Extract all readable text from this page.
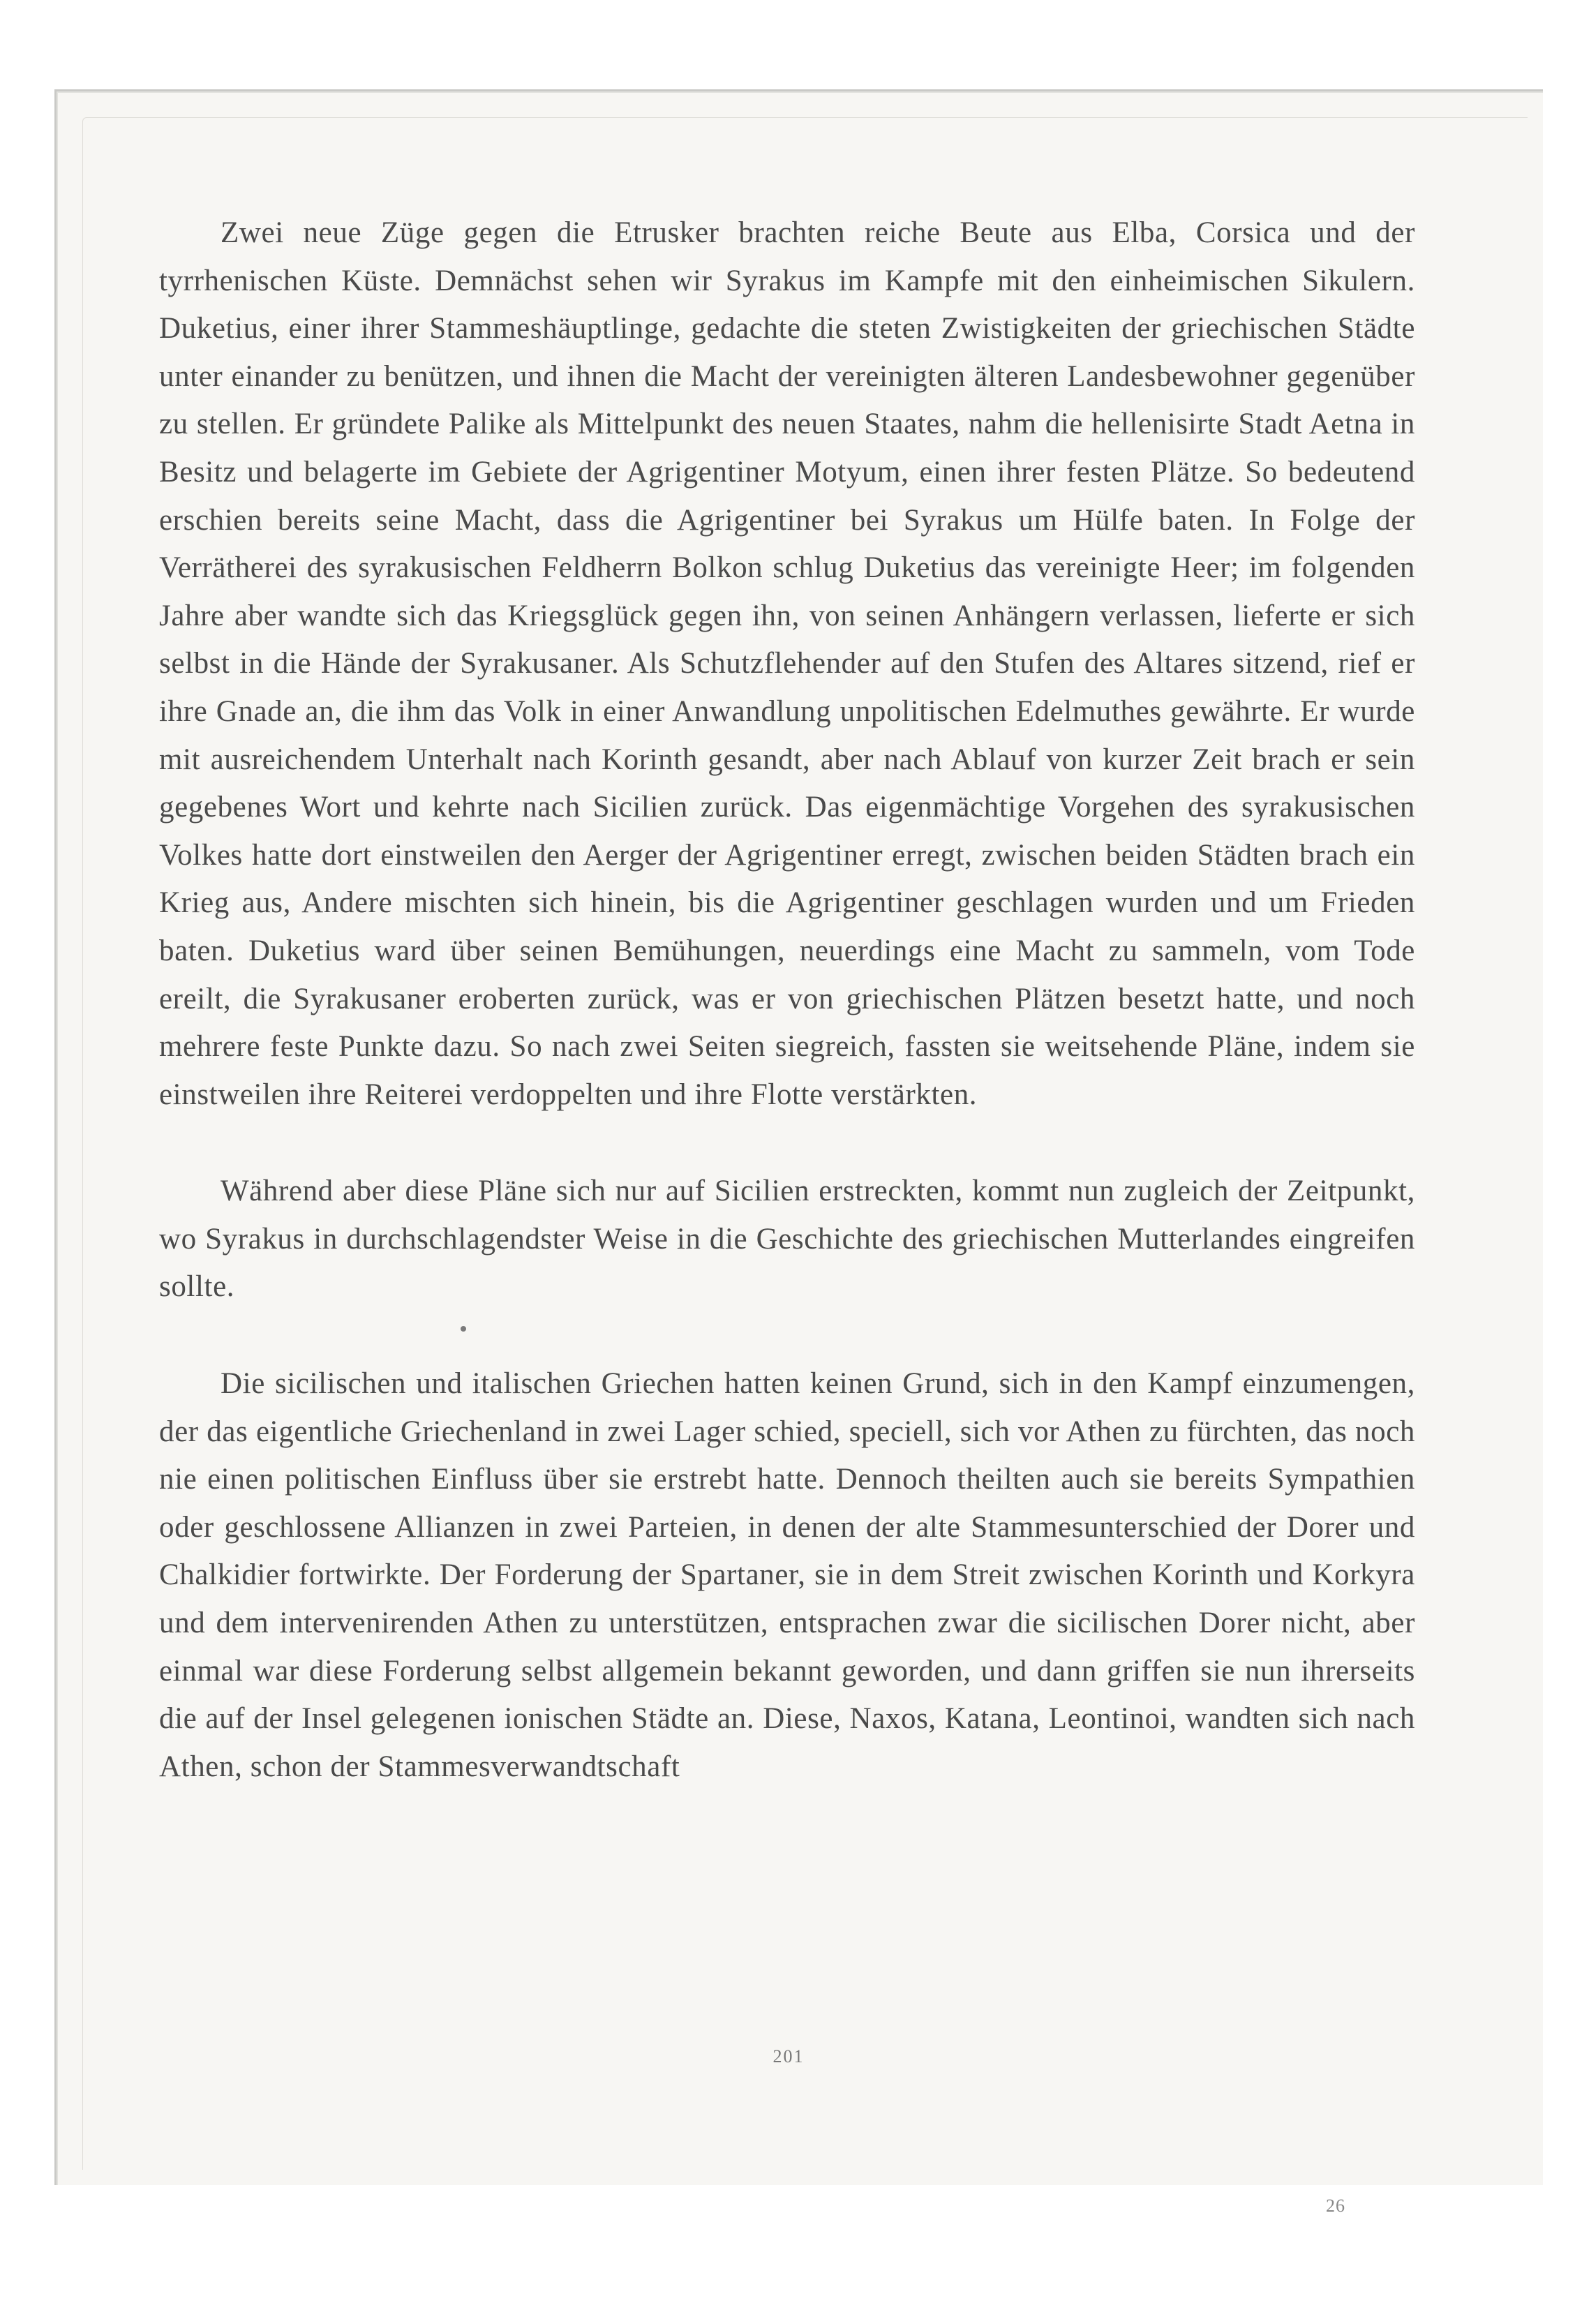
Zwei neue Züge gegen die Etrusker brachten reiche Beute aus Elba, Corsica und der tyrrhenischen Küste. Demnächst sehen wir Syrakus im Kampfe mit den einheimischen Sikulern. Duketius, einer ihrer Stammeshäuptlinge, gedachte die steten Zwistigkeiten der griechischen Städte unter einander zu benützen, und ihnen die Macht der vereinigten älteren Landesbewohner gegenüber zu stellen. Er gründete Palike als Mittelpunkt des neuen Staates, nahm die hellenisirte Stadt Aetna in Besitz und belagerte im Gebiete der Agrigentiner Motyum, einen ihrer festen Plätze. So bedeutend erschien bereits seine Macht, dass die Agrigentiner bei Syrakus um Hülfe baten. In Folge der Verrätherei des syrakusischen Feldherrn Bolkon schlug Duketius das vereinigte Heer; im folgenden Jahre aber wandte sich das Kriegsglück gegen ihn, von seinen Anhängern verlassen, lieferte er sich selbst in die Hände der Syrakusaner. Als Schutzflehender auf den Stufen des Altares sitzend, rief er ihre Gnade an, die ihm das Volk in einer Anwandlung unpolitischen Edelmuthes gewährte. Er wurde mit ausreichendem Unterhalt nach Korinth gesandt, aber nach Ablauf von kurzer Zeit brach er sein gegebenes Wort und kehrte nach Sicilien zurück. Das eigenmächtige Vorgehen des syrakusischen Volkes hatte dort einstweilen den Aerger der Agrigentiner erregt, zwischen beiden Städten brach ein Krieg aus, Andere mischten sich hinein, bis die Agrigentiner geschlagen wurden und um Frieden baten. Duketius ward über seinen Bemühungen, neuerdings eine Macht zu sammeln, vom Tode ereilt, die Syrakusaner eroberten zurück, was er von griechischen Plätzen besetzt hatte, und noch mehrere feste Punkte dazu. So nach zwei Seiten siegreich, fassten sie weitsehende Pläne, indem sie einstweilen ihre Reiterei verdoppelten und ihre Flotte verstärkten.

Während aber diese Pläne sich nur auf Sicilien erstreckten, kommt nun zugleich der Zeitpunkt, wo Syrakus in durchschlagendster Weise in die Geschichte des griechischen Mutterlandes eingreifen sollte.

Die sicilischen und italischen Griechen hatten keinen Grund, sich in den Kampf einzumengen, der das eigentliche Griechenland in zwei Lager schied, speciell, sich vor Athen zu fürchten, das noch nie einen politischen Einfluss über sie erstrebt hatte. Dennoch theilten auch sie bereits Sympathien oder geschlossene Allianzen in zwei Parteien, in denen der alte Stammesunterschied der Dorer und Chalkidier fortwirkte. Der Forderung der Spartaner, sie in dem Streit zwischen Korinth und Korkyra und dem intervenirenden Athen zu unterstützen, entsprachen zwar die sicilischen Dorer nicht, aber einmal war diese Forderung selbst allgemein bekannt geworden, und dann griffen sie nun ihrerseits die auf der Insel gelegenen ionischen Städte an. Diese, Naxos, Katana, Leontinoi, wandten sich nach Athen, schon der Stammesverwandtschaft

201
26
